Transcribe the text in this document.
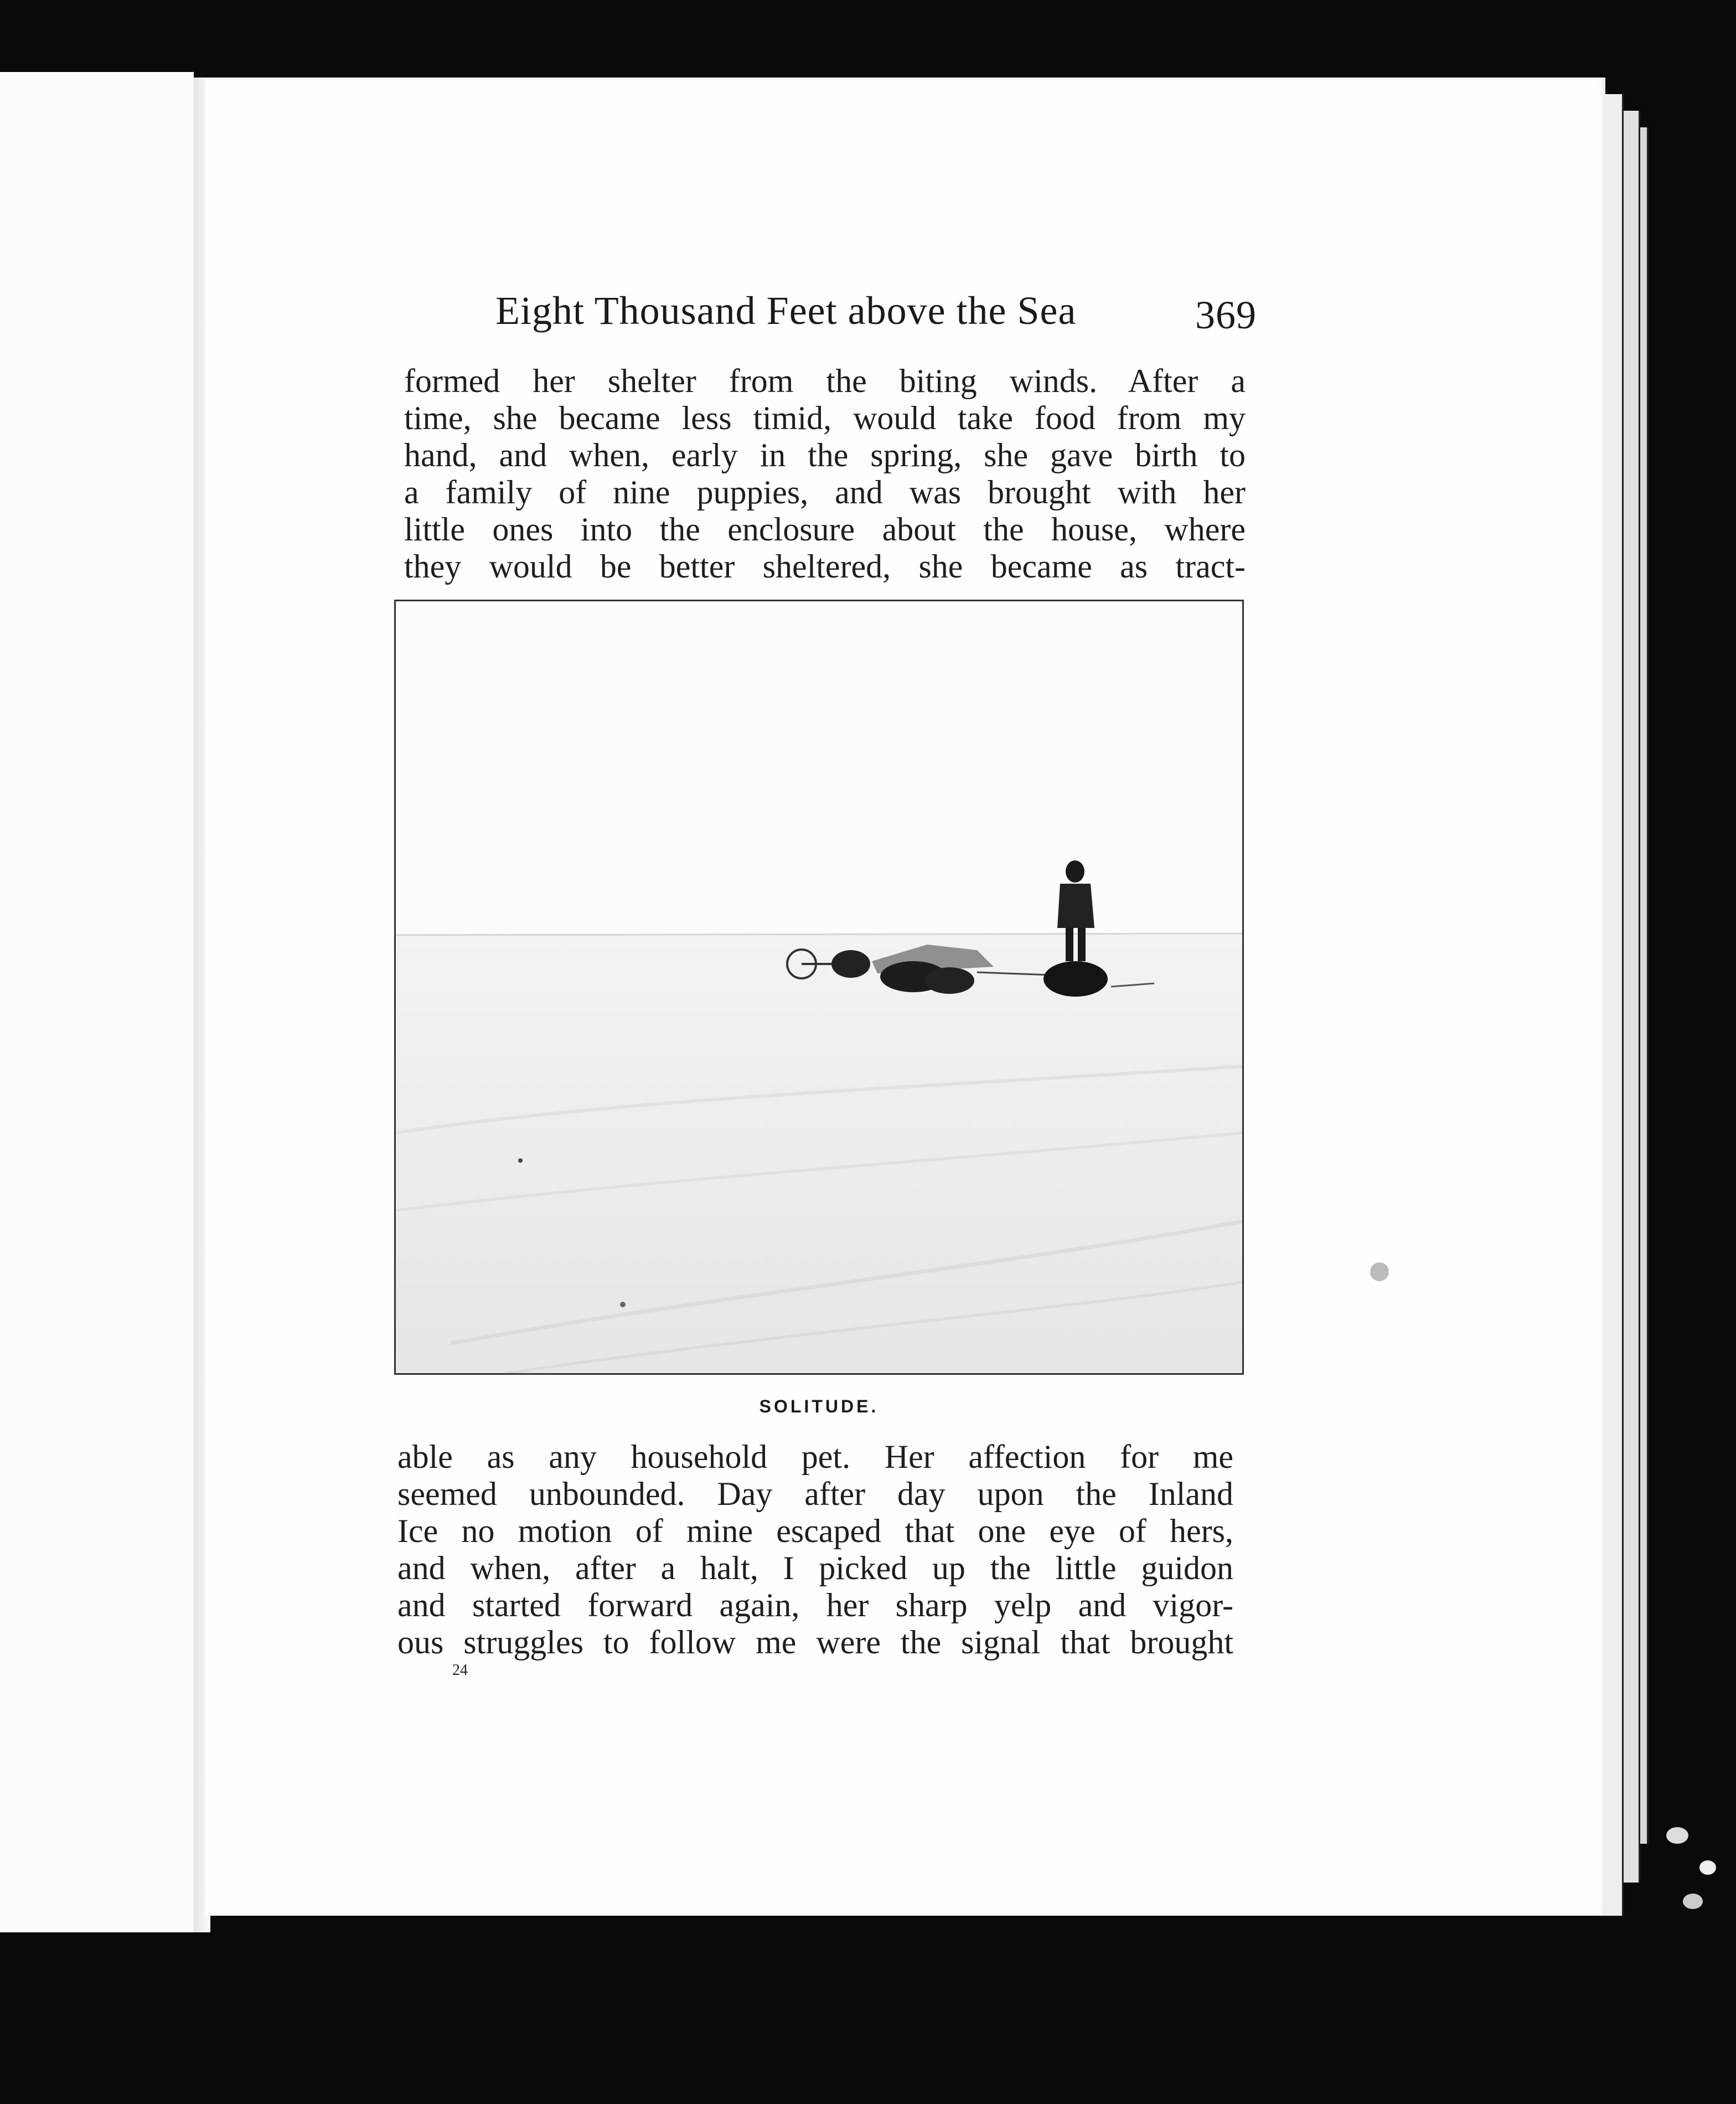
Eight Thousand Feet above the Sea	369
formed her shelter from the biting winds. After a
time, she became less timid, would take food from my
hand, and when, early in the spring, she gave birth to
a family of nine puppies, and was brought with her
little ones into the enclosure about the house, where
they would be better sheltered, she became as tract-
SOLITUDE.
able as any household pet. Her affection for me
seemed unbounded. Day after day upon the Inland
Ice no motion of mine escaped that one eye of hers,
and when, after a halt, I picked up the little guidon
and started forward again, her sharp yelp and vigor-
ous struggles to follow me were the signal that brought
24
